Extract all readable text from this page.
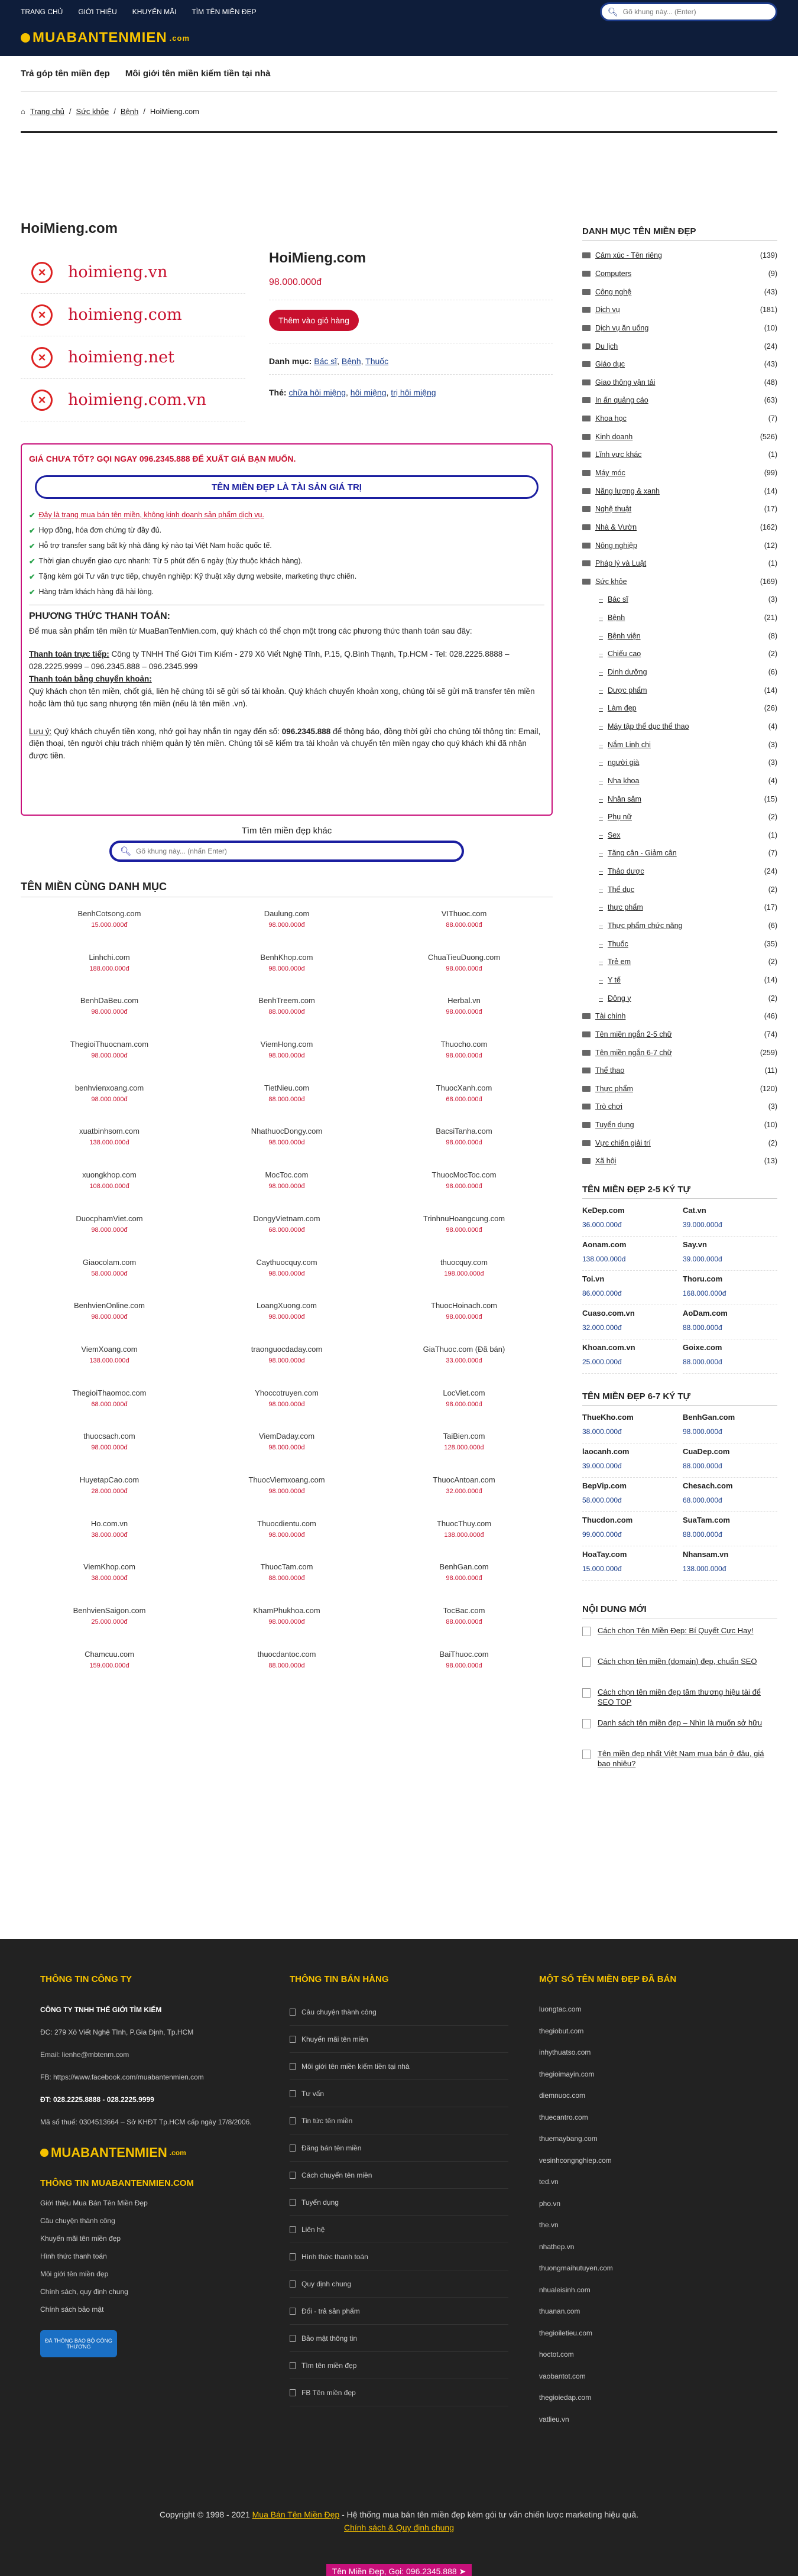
TRANG CHỦ GIỚI THIỆU KHUYẾN MÃI TÌM TÊN MIỀN ĐẸP	🔍︎
Gõ khung này... (Enter)
MUABANTENMIEN .com
Trả góp tên miền đẹp Môi giới tên miền kiếm tiền tại nhà
⌂ Trang chủ / Sức khỏe / Bệnh / HoiMieng.com
HoiMieng.com
×	hoimieng.vn
×	hoimieng.com
×	hoimieng.net
×	hoimieng.com.vn
HoiMieng.com
98.000.000đ
Thêm vào giỏ hàng
Danh mục: Bác sĩ, Bệnh, Thuốc
Thẻ: chữa hôi miệng, hôi miệng, trị hôi miệng
GIÁ CHƯA TỐT? GỌI NGAY 096.2345.888 ĐỂ XUẤT GIÁ BẠN MUỐN.
TÊN MIỀN ĐẸP LÀ TÀI SẢN GIÁ TRỊ
✔ Đây là trang mua bán tên miền, không kinh doanh sản phẩm dịch vụ.
✔ Hợp đồng, hóa đơn chứng từ đầy đủ.
✔ Hỗ trợ transfer sang bất kỳ nhà đăng ký nào tại Việt Nam hoặc quốc tế.
✔ Thời gian chuyển giao cực nhanh: Từ 5 phút đến 6 ngày (tùy thuộc khách hàng).
✔ Tặng kèm gói Tư vấn trực tiếp, chuyên nghiệp: Kỹ thuật xây dựng website, marketing thực chiến.
✔ Hàng trăm khách hàng đã hài lòng.
PHƯƠNG THỨC THANH TOÁN:

Để mua sản phẩm tên miền từ MuaBanTenMien.com, quý khách có thể chọn một trong các phương thức thanh toán sau đây:

Thanh toán trực tiếp: Công ty TNHH Thế Giới Tìm Kiếm - 279 Xô Viết Nghệ Tĩnh, P.15, Q.Bình Thạnh, Tp.HCM - Tel: 028.2225.8888 – 028.2225.9999 – 096.2345.888 – 096.2345.999

Thanh toán bằng chuyển khoản:

Quý khách chọn tên miền, chốt giá, liên hệ chúng tôi sẽ gửi số tài khoản. Quý khách chuyển khoản xong, chúng tôi sẽ gửi mã transfer tên miền hoặc làm thủ tục sang nhượng tên miền (nếu là tên miền .vn).

Lưu ý: Quý khách chuyển tiền xong, nhớ gọi hay nhắn tin ngay đến số: 096.2345.888 để thông báo, đồng thời gửi cho chúng tôi thông tin: Email, điện thoại, tên người chịu trách nhiệm quản lý tên miền. Chúng tôi sẽ kiểm tra tài khoản và chuyển tên miền ngay cho quý khách khi đã nhận được tiền.

Tìm tên miền đẹp khác
🔍︎
Gõ khung này... (nhấn Enter)
TÊN MIỀN CÙNG DANH MỤC
BenhCotsong.com
15.000.000đ
Daulung.com
98.000.000đ
VIThuoc.com
88.000.000đ
Linhchi.com
188.000.000đ
BenhKhop.com
98.000.000đ
ChuaTieuDuong.com
98.000.000đ
BenhDaBeu.com
98.000.000đ
BenhTreem.com
88.000.000đ
Herbal.vn
98.000.000đ
ThegioiThuocnam.com
98.000.000đ
ViemHong.com
98.000.000đ
Thuocho.com
98.000.000đ
benhvienxoang.com
98.000.000đ
TietNieu.com
88.000.000đ
ThuocXanh.com
68.000.000đ
xuatbinhsom.com
138.000.000đ
NhathuocDongy.com
98.000.000đ
BacsiTanha.com
98.000.000đ
xuongkhop.com
108.000.000đ
MocToc.com
98.000.000đ
ThuocMocToc.com
98.000.000đ
DuocphamViet.com
98.000.000đ
DongyVietnam.com
68.000.000đ
TrinhnuHoangcung.com
98.000.000đ
Giaocolam.com
58.000.000đ
Caythuocquy.com
98.000.000đ
thuocquy.com
198.000.000đ
BenhvienOnline.com
98.000.000đ
LoangXuong.com
98.000.000đ
ThuocHoinach.com
98.000.000đ
ViemXoang.com
138.000.000đ
traonguocdaday.com
98.000.000đ
GiaThuoc.com (Đã bán)
33.000.000đ
ThegioiThaomoc.com
68.000.000đ
Yhoccotruyen.com
98.000.000đ
LocViet.com
98.000.000đ
thuocsach.com
98.000.000đ
ViemDaday.com
98.000.000đ
TaiBien.com
128.000.000đ
HuyetapCao.com
28.000.000đ
ThuocViemxoang.com
98.000.000đ
ThuocAntoan.com
32.000.000đ
Ho.com.vn
38.000.000đ
Thuocdientu.com
98.000.000đ
ThuocThuy.com
138.000.000đ
ViemKhop.com
38.000.000đ
ThuocTam.com
88.000.000đ
BenhGan.com
98.000.000đ
BenhvienSaigon.com
25.000.000đ
KhamPhukhoa.com
98.000.000đ
TocBac.com
88.000.000đ
Chamcuu.com
159.000.000đ
thuocdantoc.com
88.000.000đ
BaiThuoc.com
98.000.000đ
DANH MỤC TÊN MIỀN ĐẸP
Cảm xúc - Tên riêng	(139)
Computers	(9)
Công nghệ	(43)
Dịch vụ	(181)
Dịch vụ ăn uống	(10)
Du lịch	(24)
Giáo dục	(43)
Giao thông vận tải	(48)
In ấn quảng cáo	(63)
Khoa học	(7)
Kinh doanh	(526)
Lĩnh vực khác	(1)
Máy móc	(99)
Năng lượng & xanh	(14)
Nghệ thuật	(17)
Nhà & Vườn	(162)
Nông nghiệp	(12)
Pháp lý và Luật	(1)
Sức khỏe	(169)
– Bác sĩ	(3)
– Bệnh	(21)
– Bệnh viện	(8)
– Chiếu cao	(2)
– Dinh dưỡng	(6)
– Dược phẩm	(14)
– Làm đẹp	(26)
– Máy tập thể dục thể thao	(4)
– Nắm Linh chi	(3)
– người già	(3)
– Nha khoa	(4)
– Nhân sâm	(15)
– Phụ nữ	(2)
– Sex	(1)
– Tăng cân - Giảm cân	(7)
– Thảo dược	(24)
– Thể dục	(2)
– thực phẩm	(17)
– Thực phẩm chức năng	(6)
– Thuốc	(35)
– Trẻ em	(2)
– Y tế	(14)
– Đông y	(2)
Tài chính	(46)
Tên miền ngắn 2-5 chữ	(74)
Tên miền ngắn 6-7 chữ	(259)
Thể thao	(11)
Thực phẩm	(120)
Trò chơi	(3)
Tuyển dụng	(10)
Vực chiến giải trí	(2)
Xã hội	(13)
TÊN MIỀN ĐẸP 2-5 KÝ TỰ
KeDep.com
36.000.000đ
Cat.vn
39.000.000đ
Aonam.com
138.000.000đ
Say.vn
39.000.000đ
Toi.vn
86.000.000đ
Thoru.com
168.000.000đ
Cuaso.com.vn
32.000.000đ
AoDam.com
88.000.000đ
Khoan.com.vn
25.000.000đ
Goixe.com
88.000.000đ
TÊN MIỀN ĐẸP 6-7 KÝ TỰ
ThueKho.com
38.000.000đ
BenhGan.com
98.000.000đ
laocanh.com
39.000.000đ
CuaDep.com
88.000.000đ
BepVip.com
58.000.000đ
Chesach.com
68.000.000đ
Thucdon.com
99.000.000đ
SuaTam.com
88.000.000đ
HoaTay.com
15.000.000đ
Nhansam.vn
138.000.000đ
NỘI DUNG MỚI
Cách chọn Tên Miền Đẹp: Bí Quyết Cực Hay!
Cách chọn tên miền (domain) đẹp, chuẩn SEO
Cách chọn tên miền đẹp tăm thương hiệu tài để SEO TOP
Danh sách tên miền đẹp – Nhìn là muốn sở hữu
Tên miền đẹp nhất Việt Nam mua bán ở đâu, giá bao nhiêu?
THÔNG TIN CÔNG TY
CÔNG TY TNHH THẾ GIỚI TÌM KIẾM
ĐC: 279 Xô Viết Nghệ Tĩnh, P.Gia Định, Tp.HCM
Email: lienhe@mbtenm.com
FB: https://www.facebook.com/muabantenmien.com
ĐT: 028.2225.8888 - 028.2225.9999
Mã số thuế: 0304513664 – Sở KHĐT Tp.HCM cấp ngày 17/8/2006.
MUABANTENMIEN .com
THÔNG TIN MUABANTENMIEN.COM
Giới thiệu Mua Bán Tên Miền Đẹp
Câu chuyện thành công
Khuyến mãi tên miền đẹp
Hình thức thanh toán
Môi giới tên miền đẹp
Chính sách, quy định chung
Chính sách bảo mật
ĐÃ THÔNG BÁO BỘ CÔNG THƯƠNG
THÔNG TIN BÁN HÀNG
Câu chuyện thành công
Khuyến mãi tên miền
Môi giới tên miền kiếm tiền tại nhà
Tư vấn
Tin tức tên miền
Đăng bán tên miền
Cách chuyển tên miền
Tuyển dụng
Liên hệ
Hình thức thanh toán
Quy định chung
Đổi - trả sản phẩm
Bảo mật thông tin
Tìm tên miền đẹp
FB Tên miền đẹp
MỘT SỐ TÊN MIỀN ĐẸP ĐÃ BÁN
luongtac.com
thegiobut.com
inhythuatso.com
thegioimayin.com
diemnuoc.com
thuecantro.com
thuemaybang.com
vesinhcongnghiep.com
ted.vn
pho.vn
the.vn
nhathep.vn
thuongmaihutuyen.com
nhualeisinh.com
thuanan.com
thegioiletieu.com
hoctot.com
vaobantot.com
thegioiedap.com
vatlieu.vn
Copyright © 1998 - 2021 Mua Bán Tên Miền Đẹp - Hệ thống mua bán tên miền đẹp kèm gói tư vấn chiến lược marketing hiệu quả.
Chính sách & Quy định chung
Tên Miền Đẹp, Gọi: 096.2345.888 ➤
